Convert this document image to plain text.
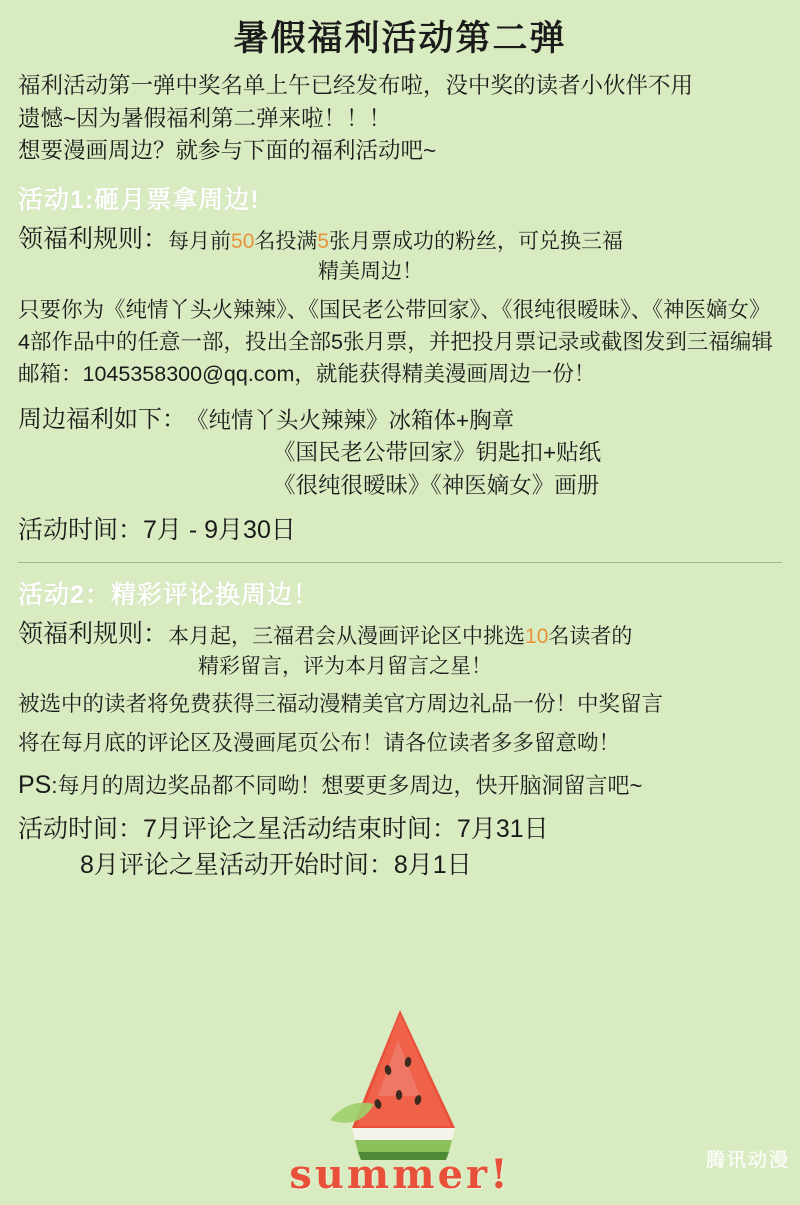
暑假福利活动第二弹

福利活动第一弹中奖名单上午已经发布啦，没中奖的读者小伙伴不用

遗憾~因为暑假福利第二弹来啦！！！

想要漫画周边？就参与下面的福利活动吧~

活动1:砸月票拿周边!
领福利规则： 每月前50名投满5张月票成功的粉丝，可兑换三福
精美周边！
只要你为《纯情丫头火辣辣》、《国民老公带回家》、《很纯很暧昧》、《神医嫡女》4部作品中的任意一部，投出全部5张月票，并把投月票记录或截图发到三福编辑邮箱：1045358300@qq.com，就能获得精美漫画周边一份！
周边福利如下： 《纯情丫头火辣辣》冰箱体+胸章
《国民老公带回家》钥匙扣+贴纸
《很纯很暧昧》《神医嫡女》画册
活动时间：7月 - 9月30日
活动2：精彩评论换周边！
领福利规则： 本月起，三福君会从漫画评论区中挑选10名读者的
精彩留言，评为本月留言之星！
被选中的读者将免费获得三福动漫精美官方周边礼品一份！中奖留言
将在每月底的评论区及漫画尾页公布！请各位读者多多留意呦！
PS:每月的周边奖品都不同呦！想要更多周边，快开脑洞留言吧~
活动时间：7月评论之星活动结束时间：7月31日
8月评论之星活动开始时间：8月1日
summer!	腾讯动漫
